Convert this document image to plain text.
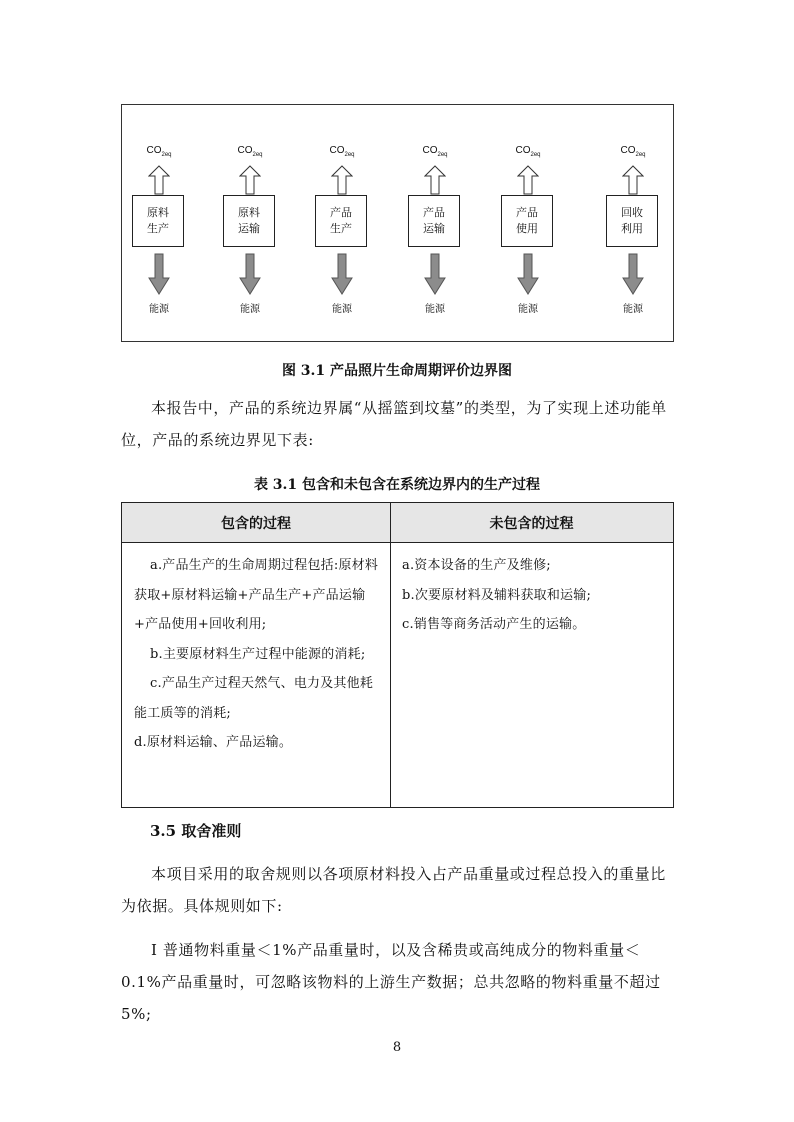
$CO_{2eq}$
原料
生产
能源
$CO_{2eq}$
原料
运输
能源
$CO_{2eq}$
产品
生产
能源
$CO_{2eq}$
产品
运输
能源
$CO_{2eq}$
产品
使用
能源
$CO_{2eq}$
回收
利用
能源
图 3.1 产品照片生命周期评价边界图
本报告中，产品的系统边界属“从摇篮到坟墓”的类型，为了实现上述功能单位，产品的系统边界见下表:
表 3.1 包含和未包含在系统边界内的生产过程
包含的过程	未包含的过程

a.产品生产的生命周期过程包括:原材料获取+原材料运输+产品生产+产品运输+产品使用+回收利用;

b.主要原材料生产过程中能源的消耗;

c.产品生产过程天然气、电力及其他耗能工质等的消耗;

d.原材料运输、产品运输。

a.资本设备的生产及维修;

b.次要原材料及辅料获取和运输;

c.销售等商务活动产生的运输。

3.5 取舍准则
本项目采用的取舍规则以各项原材料投入占产品重量或过程总投入的重量比为依据。具体规则如下:
I 普通物料重量＜1%产品重量时，以及含稀贵或高纯成分的物料重量＜0.1%产品重量时，可忽略该物料的上游生产数据；总共忽略的物料重量不超过 5%;
8
